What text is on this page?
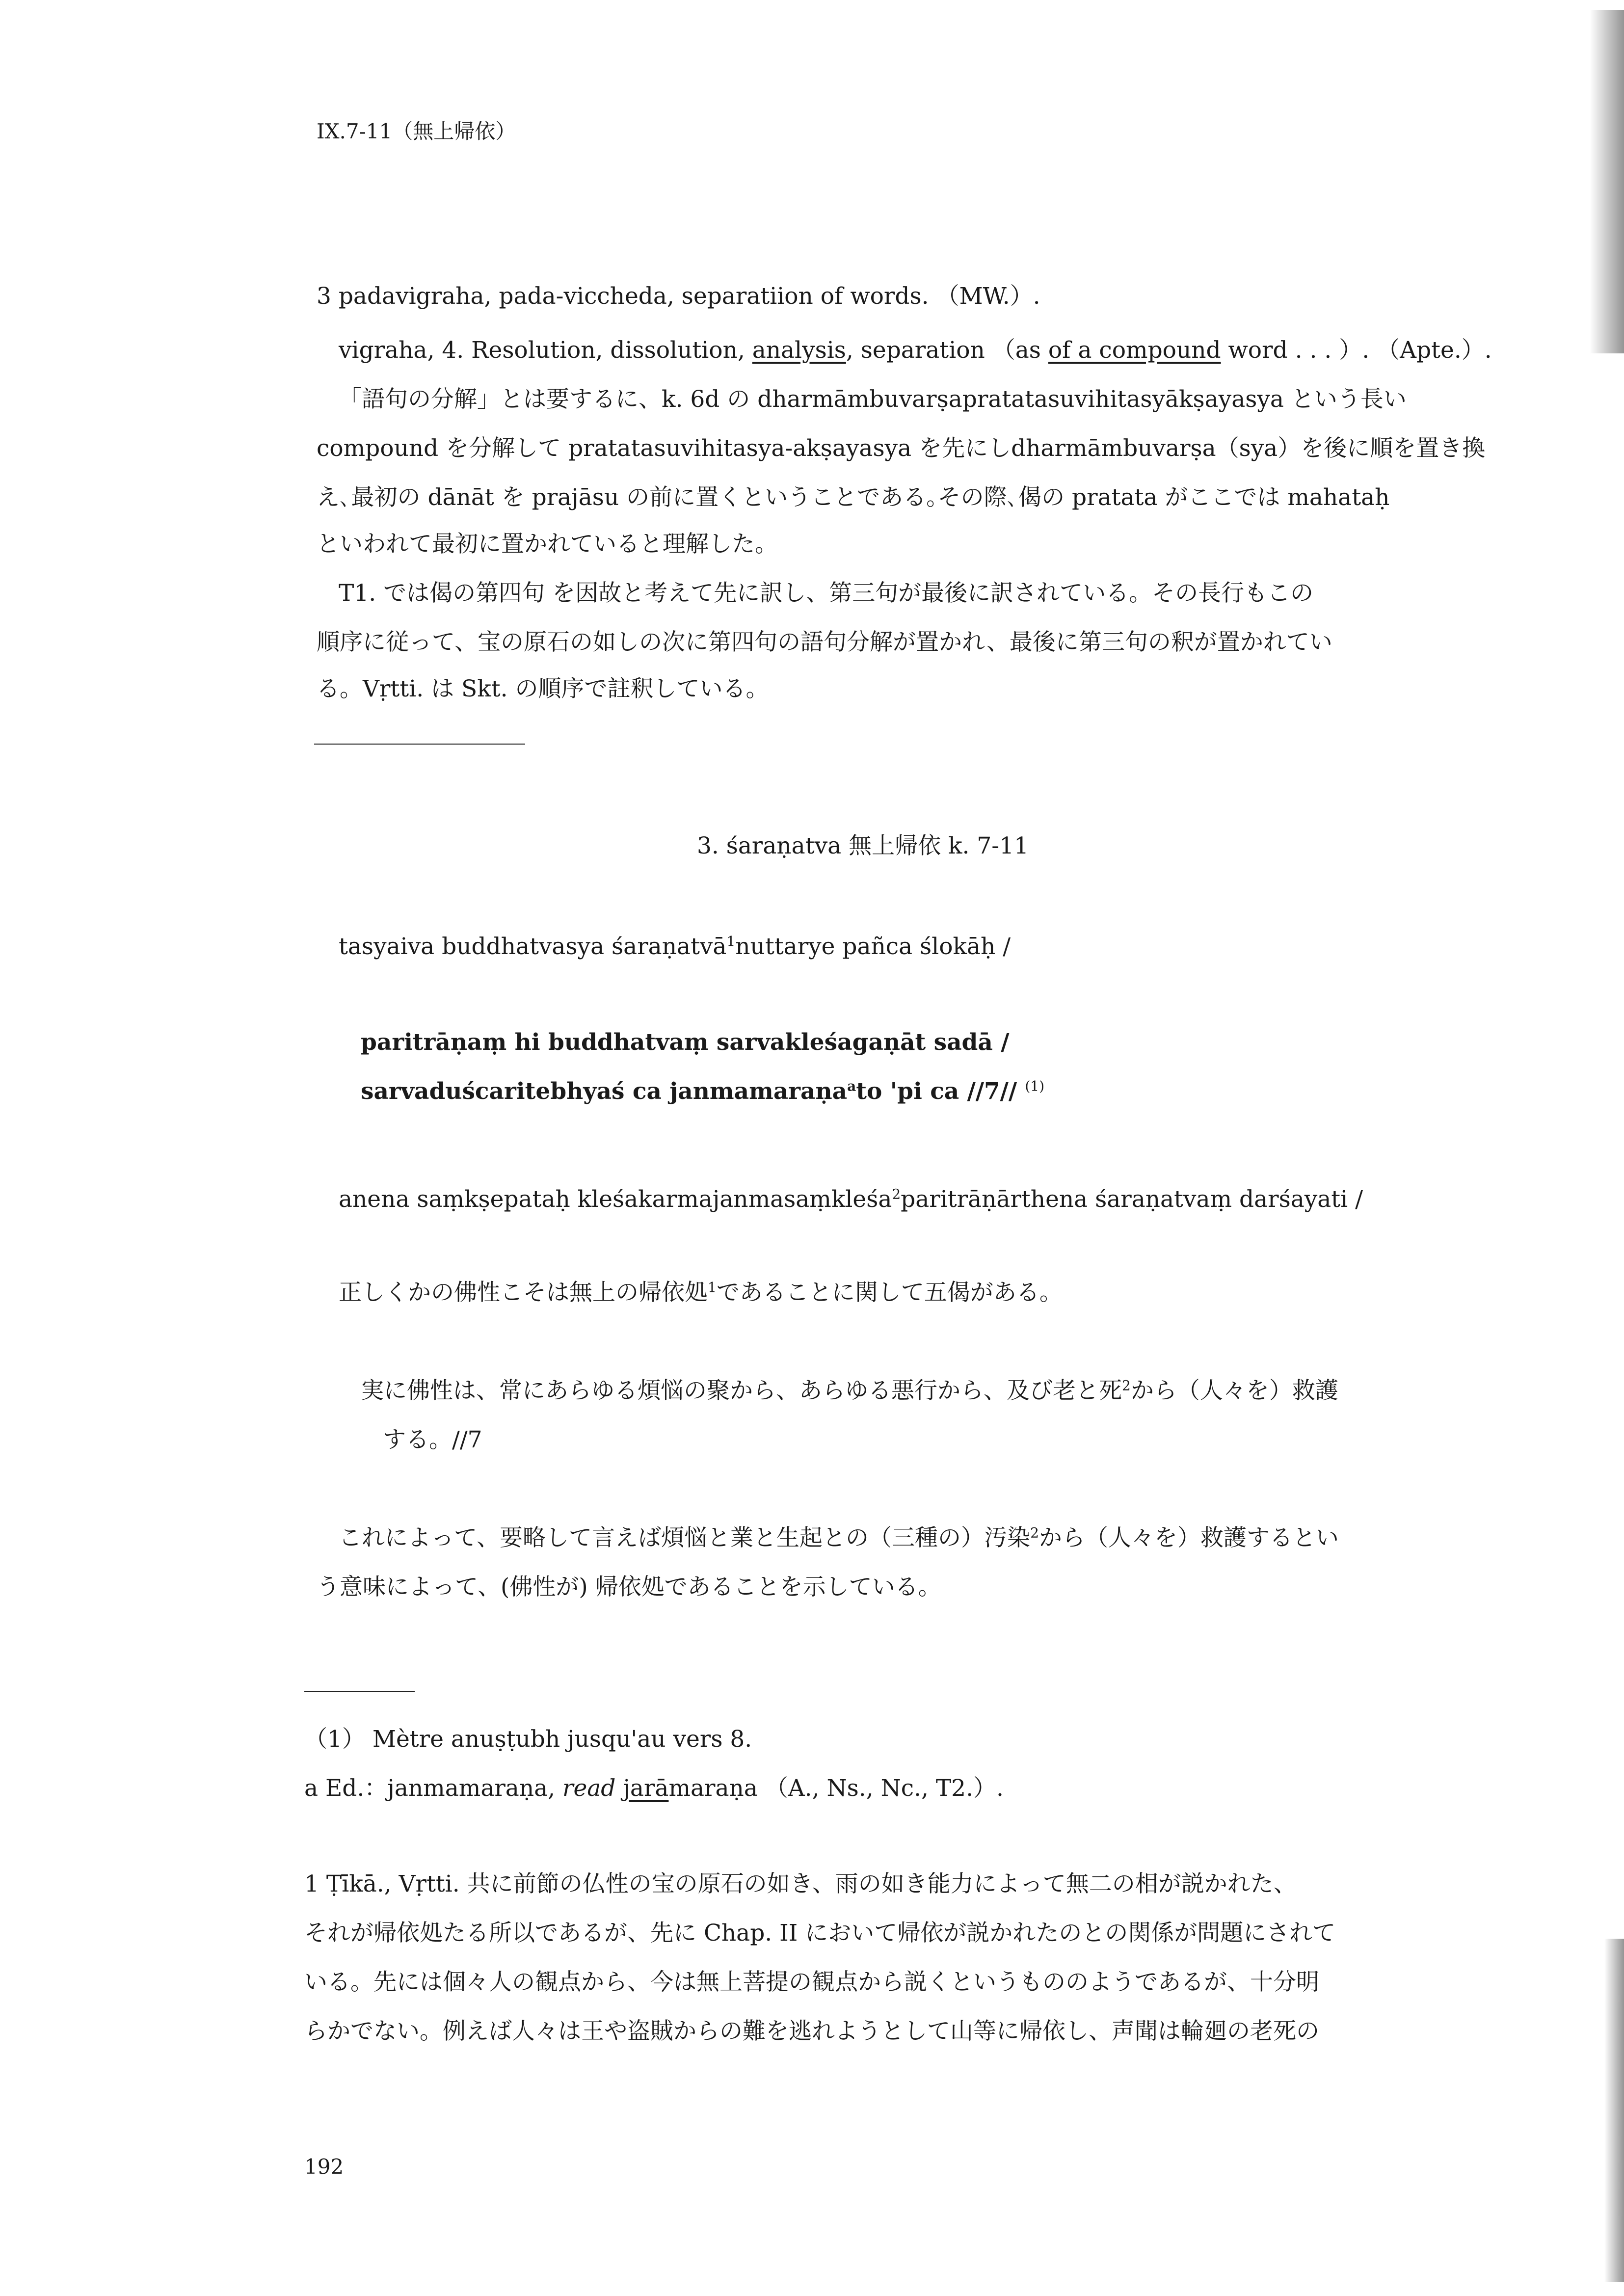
IX.7-11（無上帰依）
3 padavigraha, pada-viccheda, separatiion of words. （MW.）.
vigraha, 4. Resolution, dissolution, analysis, separation （as of a compound word . . . ）. （Apte.）.
「語句の分解」とは要するに、k. 6d の dharmāmbuvarṣapratatasuvihitasyākṣayasya という長い
compound を分解して pratatasuvihitasya-akṣayasya を先にしdharmāmbuvarṣa（sya）を後に順を置き換
え､最初の dānāt を prajāsu の前に置くということである｡その際､偈の pratata がここでは mahataḥ
といわれて最初に置かれていると理解した。
T1. では偈の第四句 を因故と考えて先に訳し、第三句が最後に訳されている。その長行もこの
順序に従って、宝の原石の如しの次に第四句の語句分解が置かれ、最後に第三句の釈が置かれてい
る。Vṛtti. は Skt. の順序で註釈している。
3. śaraṇatva 無上帰依 k. 7-11
tasyaiva buddhatvasya śaraṇatvā$^1$nuttarye pañca ślokāḥ /
paritrāṇaṃ hi buddhatvaṃ sarvakleśagaṇāt sadā /
sarvaduścaritebhyaś ca janmamaraṇa$^a$to 'pi ca //7// $^{(1)}$
anena saṃkṣepataḥ kleśakarmajanmasaṃkleśa$^2$paritrāṇārthena śaraṇatvaṃ darśayati /
正しくかの佛性こそは無上の帰依処$^1$であることに関して五偈がある。
実に佛性は、常にあらゆる煩悩の聚から、あらゆる悪行から、及び老と死$^2$から（人々を）救護
する。//7
これによって、要略して言えば煩悩と業と生起との（三種の）汚染$^2$から（人々を）救護するとい
う意味によって、(佛性が) 帰依処であることを示している。
（1） Mètre anuṣṭubh jusqu'au vers 8.
a Ed.：janmamaraṇa, read jarāmaraṇa （A., Ns., Nc., T2.）.
1 Ṭīkā., Vṛtti. 共に前節の仏性の宝の原石の如き、雨の如き能力によって無二の相が説かれた、
それが帰依処たる所以であるが、先に Chap. II において帰依が説かれたのとの関係が問題にされて
いる。先には個々人の観点から、今は無上菩提の観点から説くというもののようであるが、十分明
らかでない。例えば人々は王や盗賊からの難を逃れようとして山等に帰依し、声聞は輪廻の老死の
192
